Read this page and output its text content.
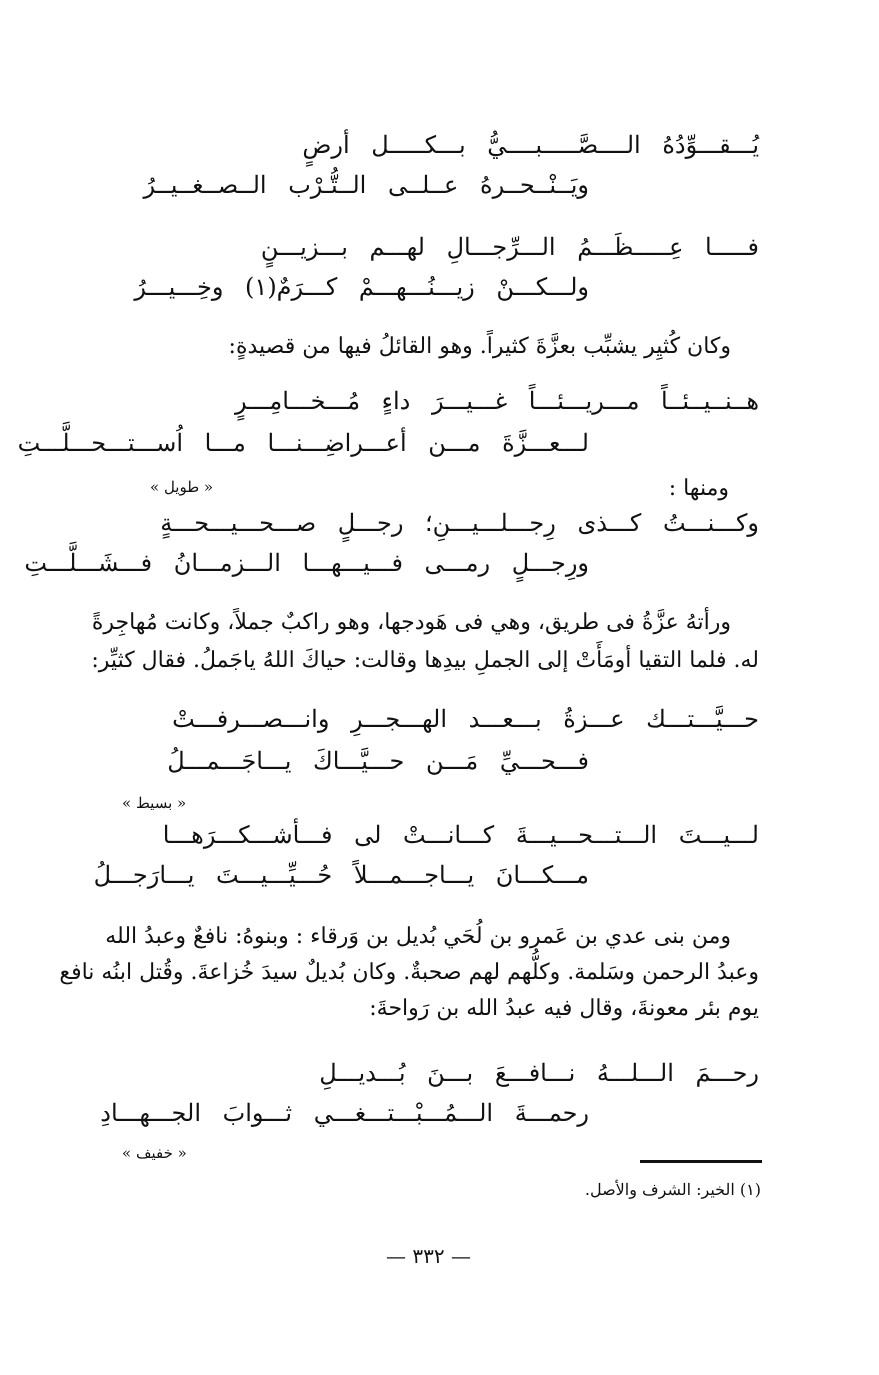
يُـــقـــوِّدُهُ الــــصَّـــــبــــيُّ بـــكـــــل أرضٍ
ويَــنْــحــرهُ عــلــى الــتُّـرْب الــصــغــيــرُ
فـــــا عِـــــظَـــمُ الـــرِّجـــالِ لهـــم بـــزيـــنٍ
ولـــكـــنْ زيـــنُـــهـــمْ كـــرَمٌ(١) وخِـــيـــرُ
وكان كُثيِر يشبِّب بعزَّةَ كثيراً. وهو القائلُ فيها من قصيدةٍ:
هــنــيــئــاً مـــريـــئـــاً غـــيـــرَ داءٍ مُـــخـــامِـــرٍ
لـــعـــزَّةَ مـــن أعـــراضِـــنـــا مـــا اُســـتـــحـــلَّـــتِ
« طويل »	ومنها :
وكـــنـــتُ كـــذى رِجـــلـــيـــنِ؛ رجـــلٍ صـــحـــيـــحـــةٍ
ورِجـــلٍ رمـــى فـــيـــهـــا الـــزمـــانُ فـــشَـــلَّـــتِ
ورأتهُ عزَّةُ فى طريق، وهي فى هَودجها، وهو راكبٌ جملاً، وكانت مُهاجِرةً
له. فلما التقيا أومَأَتْ إلى الجملِ بيدِها وقالت: حياكَ اللهُ ياجَملُ. فقال كثيِّر:
حـــيَّـــتـــك عـــزةُ بـــعـــد الهـــجـــرِ وانـــصـــرفـــتْ
فـــحـــيِّ مَـــن حـــيَّـــاكَ يـــاجَـــمـــلُ
« بسيط »
لـــيـــتَ الـــتـــحـــيـــةَ كـــانـــتْ لى فـــأشـــكـــرَهـــا
مـــكـــانَ يـــاجـــمـــلاً حُـــيِّـــيـــتَ يـــارَجـــلُ
ومن بنى عدي بن عَمرو بن لُحَي بُديل بن وَرقاء : وبنوهُ: نافعٌ وعبدُ الله
وعبدُ الرحمن وسَلمة. وكلُّهم لهم صحبةٌ. وكان بُديلٌ سيدَ خُزاعةَ. وقُتل ابنُه نافع
يوم بئر معونةَ، وقال فيه عبدُ الله بن رَواحةَ:
رحـــمَ الـــلـــهُ نـــافـــعَ بـــنَ بُـــديـــلِ
رحمـــةَ الـــمُـــبْـــتـــغـــي ثـــوابَ الجـــهـــادِ
« خفيف »
(١) الخير: الشرف والأصل.
— ٣٣٢ —
